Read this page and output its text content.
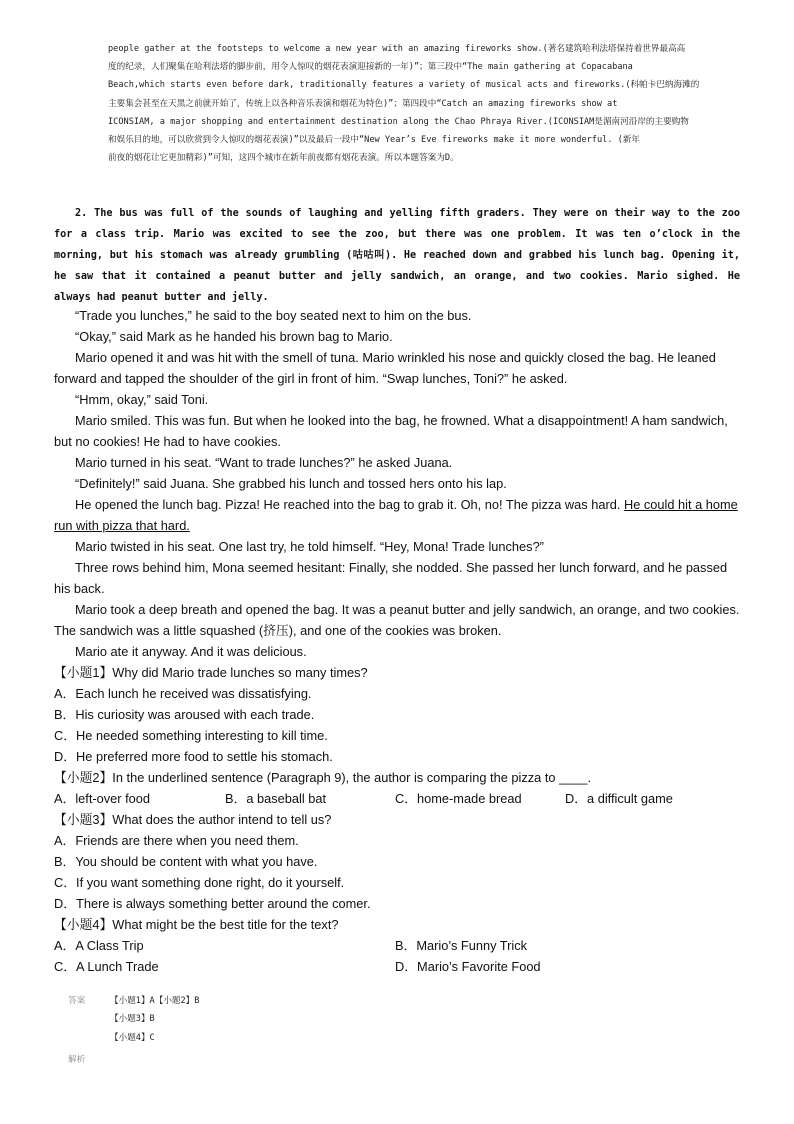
people gather at the footsteps to welcome a new year with an amazing fireworks show.(著名建筑哈利法塔保持着世界最高高

度的纪录，人们聚集在哈利法塔的脚步前，用令人惊叹的烟花表演迎接新的一年)”；第三段中“The main gathering at Copacabana

Beach,which starts even before dark, traditionally features a variety of musical acts and fireworks.(科帕卡巴纳海滩的

主要集会甚至在天黑之前就开始了，传统上以各种音乐表演和烟花为特色)”；第四段中“Catch an amazing fireworks show at

ICONSIAM, a major shopping and entertainment destination along the Chao Phraya River.(ICONSIAM是湄南河沿岸的主要购物

和娱乐目的地，可以欣赏到令人惊叹的烟花表演)”以及最后一段中“New Year’s Eve fireworks make it more wonderful. (新年

前夜的烟花让它更加精彩)”可知，这四个城市在新年前夜都有烟花表演。所以本题答案为D。

2. The bus was full of the sounds of laughing and yelling fifth graders. They were on their way to the zoo for a class trip. Mario was excited to see the zoo, but there was one problem. It was ten o’clock in the morning, but his stomach was already grumbling (咕咕叫). He reached down and grabbed his lunch bag. Opening it, he saw that it contained a peanut butter and jelly sandwich, an orange, and two cookies. Mario sighed. He always had peanut butter and jelly.

“Trade you lunches,” he said to the boy seated next to him on the bus.

“Okay,” said Mark as he handed his brown bag to Mario.

Mario opened it and was hit with the smell of tuna. Mario wrinkled his nose and quickly closed the bag. He leaned forward and tapped the shoulder of the girl in front of him. “Swap lunches, Toni?” he asked.

“Hmm, okay,” said Toni.

Mario smiled. This was fun. But when he looked into the bag, he frowned. What a disappointment! A ham sandwich, but no cookies! He had to have cookies.

Mario turned in his seat. “Want to trade lunches?” he asked Juana.

“Definitely!” said Juana. She grabbed his lunch and tossed hers onto his lap.

He opened the lunch bag. Pizza! He reached into the bag to grab it. Oh, no! The pizza was hard. He could hit a home run with pizza that hard.

Mario twisted in his seat. One last try, he told himself. “Hey, Mona! Trade lunches?”

Three rows behind him, Mona seemed hesitant: Finally, she nodded. She passed her lunch forward, and he passed his back.

Mario took a deep breath and opened the bag. It was a peanut butter and jelly sandwich, an orange, and two cookies. The sandwich was a little squashed (挤压), and one of the cookies was broken.

Mario ate it anyway. And it was delicious.

【小题1】Why did Mario trade lunches so many times?

A．Each lunch he received was dissatisfying.

B．His curiosity was aroused with each trade.

C．He needed something interesting to kill time.

D．He preferred more food to settle his stomach.

【小题2】In the underlined sentence (Paragraph 9), the author is comparing the pizza to ____.

A．left-over food	B．a baseball bat	C．home-made bread	D．a difficult game

【小题3】What does the author intend to tell us?

A．Friends are there when you need them.

B．You should be content with what you have.

C．If you want something done right, do it yourself.

D．There is always something better around the comer.

【小题4】What might be the best title for the text?

A．A Class Trip	B．Mario’s Funny Trick
C．A Lunch Trade	D．Mario’s Favorite Food
答案	【小题1】A【小题2】B
【小题3】B
【小题4】C
解析
